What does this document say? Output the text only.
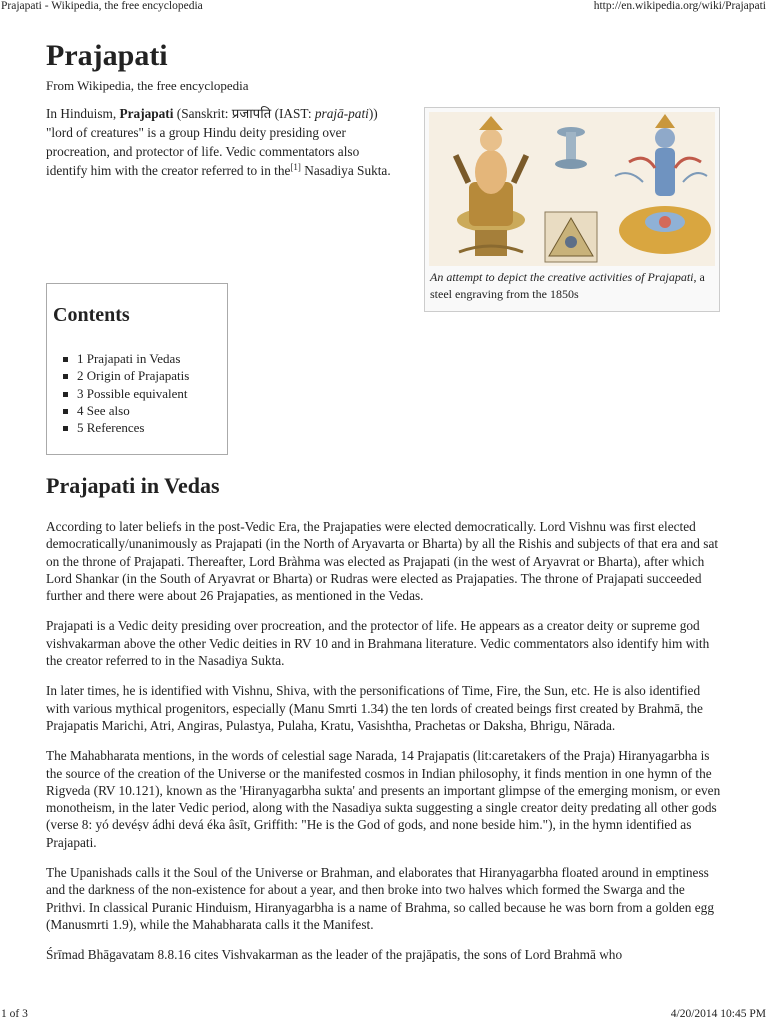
Prajapati - Wikipedia, the free encyclopedia	http://en.wikipedia.org/wiki/Prajapati
Prajapati
From Wikipedia, the free encyclopedia

In Hinduism, Prajapati (Sanskrit: प्रजापति (IAST: prajā-pati)) "lord of creatures" is a group Hindu deity presiding over procreation, and protector of life. Vedic commentators also identify him with the creator referred to in the[1] Nasadiya Sukta.

An attempt to depict the creative activities of Prajapati, a steel engraving from the 1850s
Contents
1 Prajapati in Vedas
2 Origin of Prajapatis
3 Possible equivalent
4 See also
5 References
Prajapati in Vedas

According to later beliefs in the post-Vedic Era, the Prajapaties were elected democratically. Lord Vishnu was first elected democratically/unanimously as Prajapati (in the North of Aryavarta or Bharta) by all the Rishis and subjects of that era and sat on the throne of Prajapati. Thereafter, Lord Bràhma was elected as Prajapati (in the west of Aryavrat or Bharta), after which Lord Shankar (in the South of Aryavrat or Bharta) or Rudras were elected as Prajapaties. The throne of Prajapati succeeded further and there were about 26 Prajapaties, as mentioned in the Vedas.

Prajapati is a Vedic deity presiding over procreation, and the protector of life. He appears as a creator deity or supreme god vishvakarman above the other Vedic deities in RV 10 and in Brahmana literature. Vedic commentators also identify him with the creator referred to in the Nasadiya Sukta.

In later times, he is identified with Vishnu, Shiva, with the personifications of Time, Fire, the Sun, etc. He is also identified with various mythical progenitors, especially (Manu Smrti 1.34) the ten lords of created beings first created by Brahmā, the Prajapatis Marichi, Atri, Angiras, Pulastya, Pulaha, Kratu, Vasishtha, Prachetas or Daksha, Bhrigu, Nārada.

The Mahabharata mentions, in the words of celestial sage Narada, 14 Prajapatis (lit:caretakers of the Praja) Hiranyagarbha is the source of the creation of the Universe or the manifested cosmos in Indian philosophy, it finds mention in one hymn of the Rigveda (RV 10.121), known as the 'Hiranyagarbha sukta' and presents an important glimpse of the emerging monism, or even monotheism, in the later Vedic period, along with the Nasadiya sukta suggesting a single creator deity predating all other gods (verse 8: yó devéṣv ádhi devá éka âsīt, Griffith: "He is the God of gods, and none beside him."), in the hymn identified as Prajapati.

The Upanishads calls it the Soul of the Universe or Brahman, and elaborates that Hiranyagarbha floated around in emptiness and the darkness of the non-existence for about a year, and then broke into two halves which formed the Swarga and the Prithvi. In classical Puranic Hinduism, Hiranyagarbha is a name of Brahma, so called because he was born from a golden egg (Manusmrti 1.9), while the Mahabharata calls it the Manifest.

Śrīmad Bhāgavatam 8.8.16 cites Vishvakarman as the leader of the prajāpatis, the sons of Lord Brahmā who

1 of 3	4/20/2014 10:45 PM
